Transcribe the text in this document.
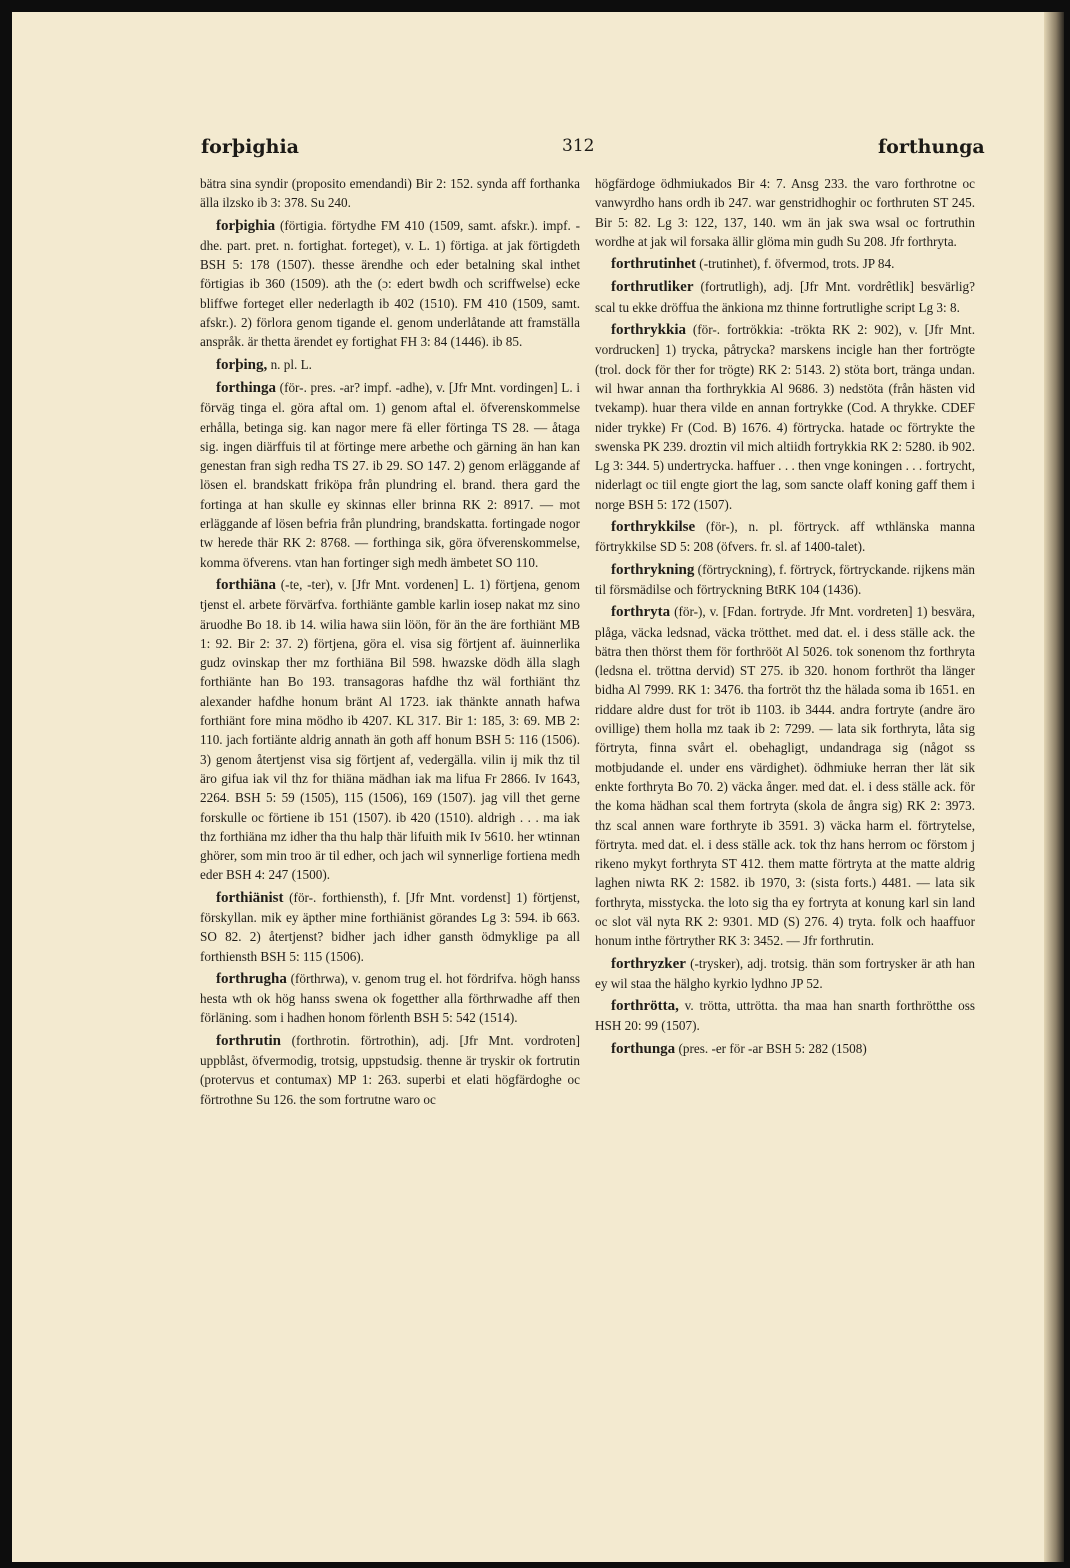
forþighia	312	forthunga

bätra sina syndir (proposito emendandi) Bir 2: 152. synda aff forthanka älla ilzsko ib 3: 378. Su 240.

forþighia (förtigia. förtydhe FM 410 (1509, samt. afskr.). impf. -dhe. part. pret. n. fortighat. forteget), v. L. 1) förtiga. at jak förtigdeth BSH 5: 178 (1507). thesse ärendhe och eder betalning skal inthet förtigias ib 360 (1509). ath the (ɔ: edert bwdh och scriffwelse) ecke bliffwe forteget eller nederlagth ib 402 (1510). FM 410 (1509, samt. afskr.). 2) förlora genom tigande el. genom underlåtande att framställa anspråk. är thetta ärendet ey fortighat FH 3: 84 (1446). ib 85.

forþing, n. pl. L.

forthinga (för-. pres. -ar? impf. -adhe), v. [Jfr Mnt. vordingen] L. i förväg tinga el. göra aftal om. 1) genom aftal el. öfverenskommelse erhålla, betinga sig. kan nagor mere fä eller förtinga TS 28. — åtaga sig. ingen diärffuis til at förtinge mere arbethe och gärning än han kan genestan fran sigh redha TS 27. ib 29. SO 147. 2) genom erläggande af lösen el. brandskatt friköpa från plundring el. brand. thera gard the fortinga at han skulle ey skinnas eller brinna RK 2: 8917. — mot erläggande af lösen befria från plundring, brandskatta. fortingade nogor tw herede thär RK 2: 8768. — forthinga sik, göra öfverenskommelse, komma öfverens. vtan han fortinger sigh medh ämbetet SO 110.

forthiäna (-te, -ter), v. [Jfr Mnt. vordenen] L. 1) förtjena, genom tjenst el. arbete förvärfva. forthiänte gamble karlin iosep nakat mz sino äruodhe Bo 18. ib 14. wilia hawa siin löön, för än the äre forthiänt MB 1: 92. Bir 2: 37. 2) förtjena, göra el. visa sig förtjent af. äuinnerlika gudz ovinskap ther mz forthiäna Bil 598. hwazske dödh älla slagh forthiänte han Bo 193. transagoras hafdhe thz wäl forthiänt thz alexander hafdhe honum bränt Al 1723. iak thänkte annath hafwa forthiänt fore mina mödho ib 4207. KL 317. Bir 1: 185, 3: 69. MB 2: 110. jach fortiänte aldrig annath än goth aff honum BSH 5: 116 (1506). 3) genom återtjenst visa sig förtjent af, vedergälla. vilin ij mik thz til äro gifua iak vil thz for thiäna mädhan iak ma lifua Fr 2866. Iv 1643, 2264. BSH 5: 59 (1505), 115 (1506), 169 (1507). jag vill thet gerne forskulle oc förtiene ib 151 (1507). ib 420 (1510). aldrigh . . . ma iak thz forthiäna mz idher tha thu halp thär lifuith mik Iv 5610. her wtinnan ghörer, som min troo är til edher, och jach wil synnerlige fortiena medh eder BSH 4: 247 (1500).

forthiänist (för-. forthiensth), f. [Jfr Mnt. vordenst] 1) förtjenst, förskyllan. mik ey äpther mine forthiänist görandes Lg 3: 594. ib 663. SO 82. 2) återtjenst? bidher jach idher gansth ödmyklige pa all forthiensth BSH 5: 115 (1506).

forthrugha (förthrwa), v. genom trug el. hot fördrifva. högh hanss hesta wth ok hög hanss swena ok fogetther alla förthrwadhe aff then förläning. som i hadhen honom förlenth BSH 5: 542 (1514).

forthrutin (forthrotin. förtrothin), adj. [Jfr Mnt. vordroten] uppblåst, öfvermodig, trotsig, uppstudsig. thenne är tryskir ok fortrutin (protervus et contumax) MP 1: 263. superbi et elati högfärdoghe oc förtrothne Su 126. the som fortrutne waro oc

högfärdoge ödhmiukados Bir 4: 7. Ansg 233. the varo forthrotne oc vanwyrdho hans ordh ib 247. war genstridhoghir oc forthruten ST 245. Bir 5: 82. Lg 3: 122, 137, 140. wm än jak swa wsal oc fortruthin wordhe at jak wil forsaka ällir glöma min gudh Su 208. Jfr forthryta.

forthrutinhet (-trutinhet), f. öfvermod, trots. JP 84.

forthrutliker (fortrutligh), adj. [Jfr Mnt. vordrêtlik] besvärlig? scal tu ekke dröffua the änkiona mz thinne fortrutlighe script Lg 3: 8.

forthrykkia (för-. fortrökkia: -trökta RK 2: 902), v. [Jfr Mnt. vordrucken] 1) trycka, påtrycka? marskens incigle han ther fortrögte (trol. dock för ther for trögte) RK 2: 5143. 2) stöta bort, tränga undan. wil hwar annan tha forthrykkia Al 9686. 3) nedstöta (från hästen vid tvekamp). huar thera vilde en annan fortrykke (Cod. A thrykke. CDEF nider trykke) Fr (Cod. B) 1676. 4) förtrycka. hatade oc förtrykte the swenska PK 239. droztin vil mich altiidh fortrykkia RK 2: 5280. ib 902. Lg 3: 344. 5) undertrycka. haffuer . . . then vnge koningen . . . fortrycht, niderlagt oc tiil engte giort the lag, som sancte olaff koning gaff them i norge BSH 5: 172 (1507).

forthrykkilse (för-), n. pl. förtryck. aff wthlänska manna förtrykkilse SD 5: 208 (öfvers. fr. sl. af 1400-talet).

forthrykning (förtryckning), f. förtryck, förtryckande. rijkens män til försmädilse och förtryckning BtRK 104 (1436).

forthryta (för-), v. [Fdan. fortryde. Jfr Mnt. vordreten] 1) besvära, plåga, väcka ledsnad, väcka trötthet. med dat. el. i dess ställe ack. the bätra then thörst them för forthrööt Al 5026. tok sonenom thz forthryta (ledsna el. tröttna dervid) ST 275. ib 320. honom forthröt tha länger bidha Al 7999. RK 1: 3476. tha fortröt thz the häladа soma ib 1651. en riddare aldre dust for tröt ib 1103. ib 3444. andra fortryte (andre äro ovillige) them holla mz taak ib 2: 7299. — lata sik forthryta, låta sig förtryta, finna svårt el. obehagligt, undandraga sig (något ss motbjudande el. under ens värdighet). ödhmiuke herran ther lät sik enkte forthryta Bo 70. 2) väcka ånger. med dat. el. i dess ställe ack. för the koma hädhan scal them fortryta (skola de ångra sig) RK 2: 3973. thz scal annen ware forthryte ib 3591. 3) väcka harm el. förtrytelse, förtryta. med dat. el. i dess ställe ack. tok thz hans herrom oc förstom j rikeno mykyt forthryta ST 412. them matte förtryta at the matte aldrig laghen niwta RK 2: 1582. ib 1970, 3: (sista forts.) 4481. — lata sik forthryta, misstycka. the loto sig tha ey fortryta at konung karl sin land oc slot väl nyta RK 2: 9301. MD (S) 276. 4) tryta. folk och haaffuor honum inthe förtryther RK 3: 3452. — Jfr forthrutin.

forthryzker (-trysker), adj. trotsig. thän som fortrysker är ath han ey wil staa the hälgho kyrkio lydhno JP 52.

forthrötta, v. trötta, uttrötta. tha maa han snarth forthrötthe oss HSH 20: 99 (1507).

forthunga (pres. -er för -ar BSH 5: 282 (1508)
